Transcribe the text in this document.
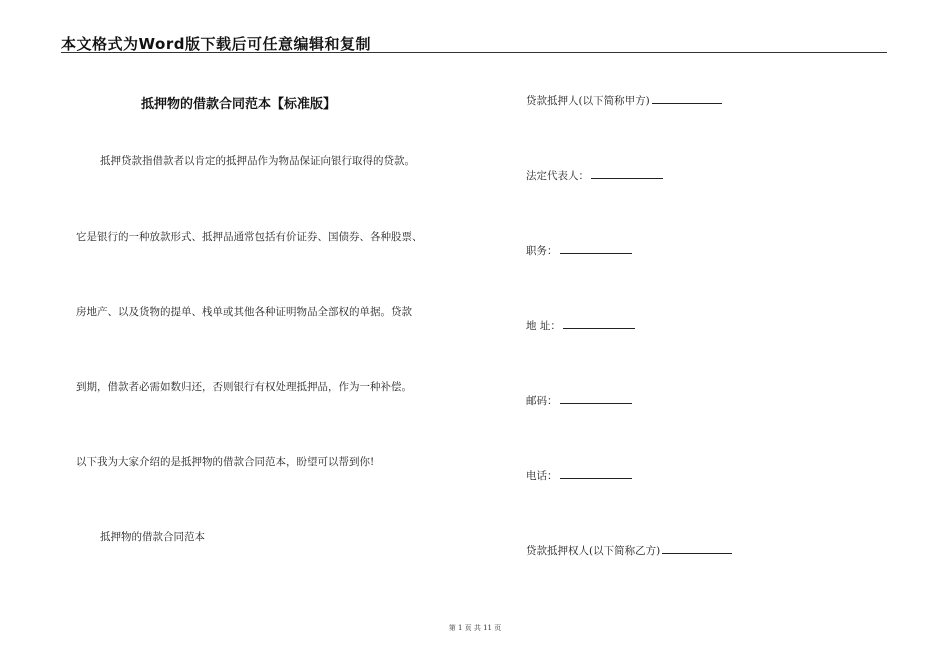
本文格式为Word版下载后可任意编辑和复制
抵押物的借款合同范本【标准版】
抵押贷款指借款者以肯定的抵押品作为物品保证向银行取得的贷款。
它是银行的一种放款形式、抵押品通常包括有价证券、国债券、各种股票、
房地产、以及货物的提单、栈单或其他各种证明物品全部权的单据。贷款
到期，借款者必需如数归还，否则银行有权处理抵押品，作为一种补偿。
以下我为大家介绍的是抵押物的借款合同范本，盼望可以帮到你!
抵押物的借款合同范本
贷款抵押人(以下简称甲方)
法定代表人：
职务：
地 址：
邮码：
电话：
贷款抵押权人(以下简称乙方)
第 1 页 共 11 页
